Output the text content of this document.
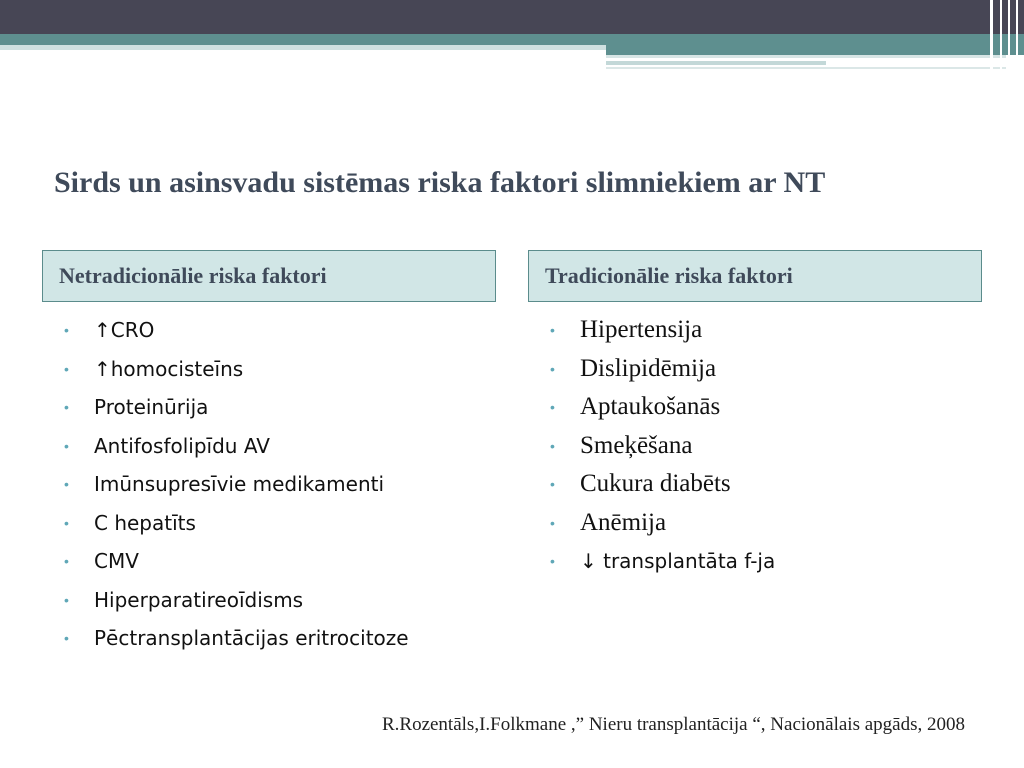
Sirds un asinsvadu sistēmas riska faktori slimniekiem ar NT
Netradicionālie riska faktori	Tradicionālie riska faktori
•	↑CRO
•	↑homocisteīns
•	Proteinūrija
•	Antifosfolipīdu AV
•	Imūnsupresīvie medikamenti
•	C hepatīts
•	CMV
•	Hiperparatireoīdisms
•	Pēctransplantācijas eritrocitoze
•	Hipertensija
•	Dislipidēmija
•	Aptaukošanās
•	Smeķēšana
•	Cukura diabēts
•	Anēmija
•	↓ transplantāta f-ja
R.Rozentāls,I.Folkmane ,” Nieru transplantācija “, Nacionālais apgāds, 2008
